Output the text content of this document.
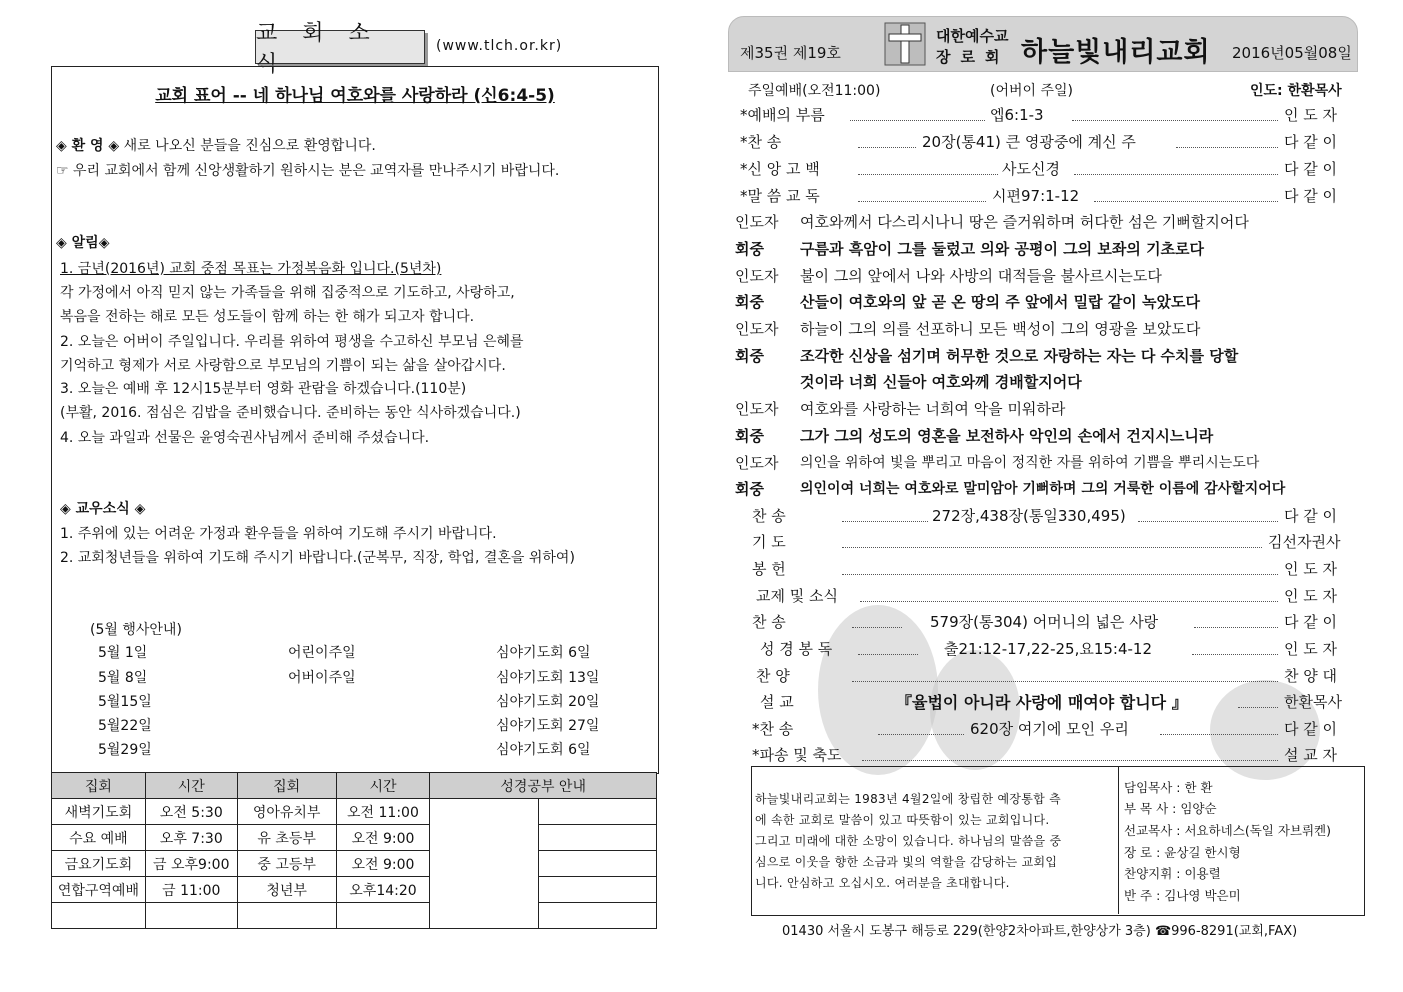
교 회 소 식
(www.tlch.or.kr)
교회 표어 -- 네 하나님 여호와를 사랑하라 (신6:4-5)
◈ 환 영 ◈ 새로 나오신 분들을 진심으로 환영합니다.
☞ 우리 교회에서 함께 신앙생활하기 원하시는 분은 교역자를 만나주시기 바랍니다.
◈ 알림◈
1. 금년(2016년) 교회 중점 목표는 가정복음화 입니다.(5년차)
각 가정에서 아직 믿지 않는 가족들을 위해 집중적으로 기도하고, 사랑하고,
복음을 전하는 해로 모든 성도들이 함께 하는 한 해가 되고자 합니다.
2. 오늘은 어버이 주일입니다. 우리를 위하여 평생을 수고하신 부모님 은혜를
기억하고 형제가 서로 사랑함으로 부모님의 기쁨이 되는 삶을 살아갑시다.
3. 오늘은 예배 후 12시15분부터 영화 관람을 하겠습니다.(110분)
(부활, 2016. 점심은 김밥을 준비했습니다. 준비하는 동안 식사하겠습니다.)
4. 오늘 과일과 선물은 윤영숙권사님께서 준비해 주셨습니다.
◈ 교우소식 ◈
1. 주위에 있는 어려운 가정과 환우들을 위하여 기도해 주시기 바랍니다.
2. 교회청년들을 위하여 기도해 주시기 바랍니다.(군복무, 직장, 학업, 결혼을 위하여)
(5월 행사안내)
5월 1일	어린이주일	심야기도회 6일
5월 8일	어버이주일	심야기도회 13일
5월15일	심야기도회 20일
5월22일	심야기도회 27일
5월29일	심야기도회 6일
집회	시간	집회	시간	성경공부 안내	
새벽기도회	오전 5:30	영아유치부	오전 11:00		
수요 예배	오후 7:30	유 초등부	오전 9:00		
금요기도회	금 오후9:00	중 고등부	오전 9:00		
연합구역예배	금 11:00	청년부	오후14:20		

제35권 제19호
대한예수교
장로회 하늘빛내리교회 2016년05월08일
주일예배(오전11:00)	(어버이 주일)	인도: 한환목사
*예배의 부름	엡6:1-3	인 도 자
*찬 송	20장(통41) 큰 영광중에 계신 주	다 같 이
*신 앙 고 백	사도신경	다 같 이
*말 씀 교 독	시편97:1-12	다 같 이
인도자 여호와께서 다스리시나니 땅은 즐거워하며 허다한 섬은 기뻐할지어다
회중 구름과 흑암이 그를 둘렀고 의와 공평이 그의 보좌의 기초로다
인도자 불이 그의 앞에서 나와 사방의 대적들을 불사르시는도다
회중 산들이 여호와의 앞 곧 온 땅의 주 앞에서 밀랍 같이 녹았도다
인도자 하늘이 그의 의를 선포하니 모든 백성이 그의 영광을 보았도다
회중 조각한 신상을 섬기며 허무한 것으로 자랑하는 자는 다 수치를 당할
것이라 너희 신들아 여호와께 경배할지어다
인도자 여호와를 사랑하는 너희여 악을 미워하라
회중 그가 그의 성도의 영혼을 보전하사 악인의 손에서 건지시느니라
인도자 의인을 위하여 빛을 뿌리고 마음이 정직한 자를 위하여 기쁨을 뿌리시는도다
회중	의인이여 너희는 여호와로 말미암아 기뻐하며 그의 거룩한 이름에 감사할지어다
찬 송	272장,438장(통일330,495)	다 같 이
기 도	김선자권사
봉 헌	인 도 자
교제 및 소식	인 도 자
찬 송	579장(통304) 어머니의 넓은 사랑	다 같 이
성 경 봉 독	출21:12-17,22-25,요15:4-12	인 도 자
찬 양	찬 양 대
설 교	『율법이 아니라 사랑에 매여야 합니다 』	한환목사
*찬 송	620장 여기에 모인 우리	다 같 이
*파송 및 축도	설 교 자
하늘빛내리교회는 1983년 4월2일에 창립한 예장통합 측
에 속한 교회로 말씀이 있고 따뜻함이 있는 교회입니다.
그리고 미래에 대한 소망이 있습니다. 하나님의 말씀을 중
심으로 이웃을 향한 소금과 빛의 역할을 감당하는 교회입
니다. 안심하고 오십시오. 여러분을 초대합니다.
담임목사 : 한 환
부 목 사 : 임양순
선교목사 : 서요하네스(독일 자브뤼켄)
장 로 : 윤상길 한시형
찬양지휘 : 이용렬
반 주 : 김나영 박은미
01430 서울시 도봉구 해등로 229(한양2차아파트,한양상가 3층) ☎996-8291(교회,FAX)
